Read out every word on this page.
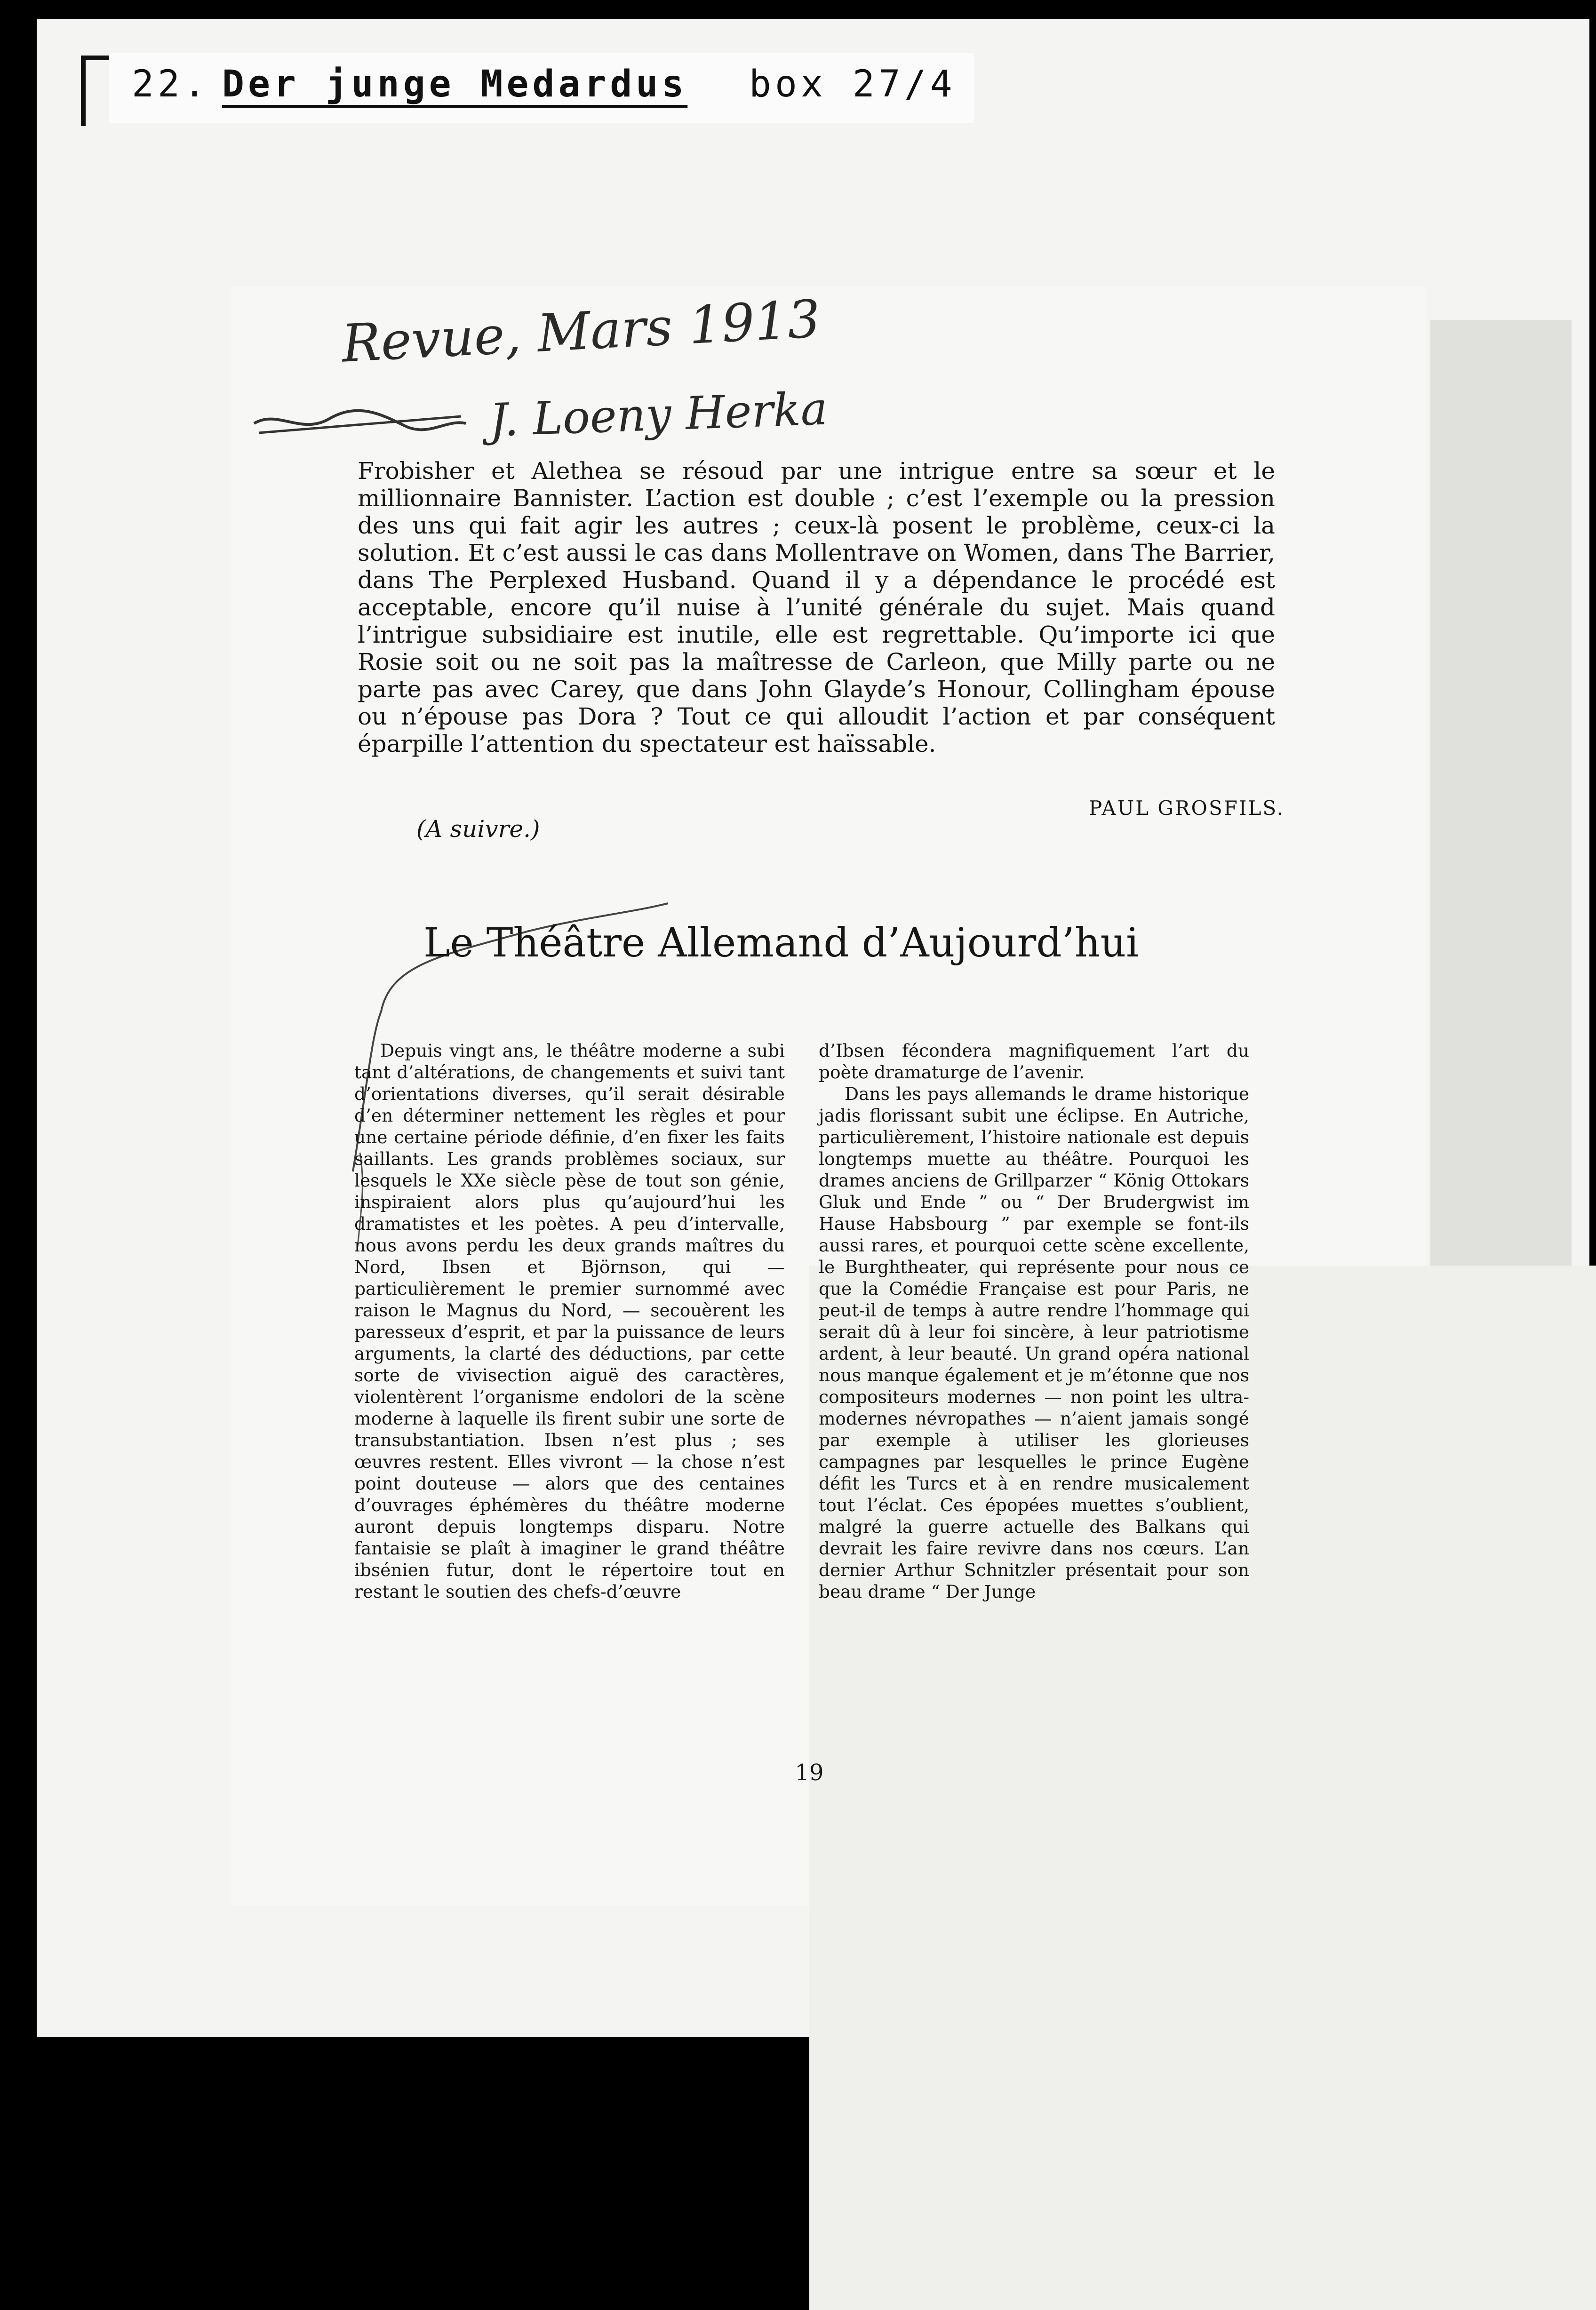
22. Der junge Medardus box 27/4
Revue, Mars 1913
J. Loeny Herka

Frobisher et Alethea se résoud par une intrigue entre sa sœur et le millionnaire Bannister. L’action est double ; c’est l’exemple ou la pression des uns qui fait agir les autres ; ceux-là posent le problème, ceux-ci la solution. Et c’est aussi le cas dans Mollentrave on Women, dans The Barrier, dans The Perplexed Husband. Quand il y a dépendance le procédé est acceptable, encore qu’il nuise à l’unité générale du sujet. Mais quand l’intrigue subsidiaire est inutile, elle est regrettable. Qu’importe ici que Rosie soit ou ne soit pas la maîtresse de Carleon, que Milly parte ou ne parte pas avec Carey, que dans John Glayde’s Honour, Collingham épouse ou n’épouse pas Dora ? Tout ce qui alloudit l’action et par conséquent éparpille l’attention du spectateur est haïssable.

PAUL GROSFILS.
(A suivre.)
Le Théâtre Allemand d’Aujourd’hui

Depuis vingt ans, le théâtre moderne a subi tant d’altérations, de changements et suivi tant d’orientations diverses, qu’il serait désirable d’en déterminer nettement les règles et pour une certaine période définie, d’en fixer les faits saillants. Les grands problèmes sociaux, sur lesquels le XXe siècle pèse de tout son génie, inspiraient alors plus qu’aujourd’hui les dramatistes et les poètes. A peu d’intervalle, nous avons perdu les deux grands maîtres du Nord, Ibsen et Björnson, qui — particulièrement le premier surnommé avec raison le Magnus du Nord, — secouèrent les paresseux d’esprit, et par la puissance de leurs arguments, la clarté des déductions, par cette sorte de vivisection aiguë des caractères, violentèrent l’organisme endolori de la scène moderne à laquelle ils firent subir une sorte de transubstantiation. Ibsen n’est plus ; ses œuvres restent. Elles vivront — la chose n’est point douteuse — alors que des centaines d’ouvrages éphémères du théâtre moderne auront depuis longtemps disparu. Notre fantaisie se plaît à imaginer le grand théâtre ibsénien futur, dont le répertoire tout en restant le soutien des chefs-d’œuvre

d’Ibsen fécondera magnifiquement l’art du poète dramaturge de l’avenir.

Dans les pays allemands le drame historique jadis florissant subit une éclipse. En Autriche, particulièrement, l’histoire nationale est depuis longtemps muette au théâtre. Pourquoi les drames anciens de Grillparzer “ König Ottokars Gluk und Ende ” ou “ Der Brudergwist im Hause Habsbourg ” par exemple se font-ils aussi rares, et pourquoi cette scène excellente, le Burghtheater, qui représente pour nous ce que la Comédie Française est pour Paris, ne peut-il de temps à autre rendre l’hommage qui serait dû à leur foi sincère, à leur patriotisme ardent, à leur beauté. Un grand opéra national nous manque également et je m’étonne que nos compositeurs modernes — non point les ultra-modernes névropathes — n’aient jamais songé par exemple à utiliser les glorieuses campagnes par lesquelles le prince Eugène défit les Turcs et à en rendre musicalement tout l’éclat. Ces épopées muettes s’oublient, malgré la guerre actuelle des Balkans qui devrait les faire revivre dans nos cœurs. L’an dernier Arthur Schnitzler présentait pour son beau drame “ Der Junge

19
